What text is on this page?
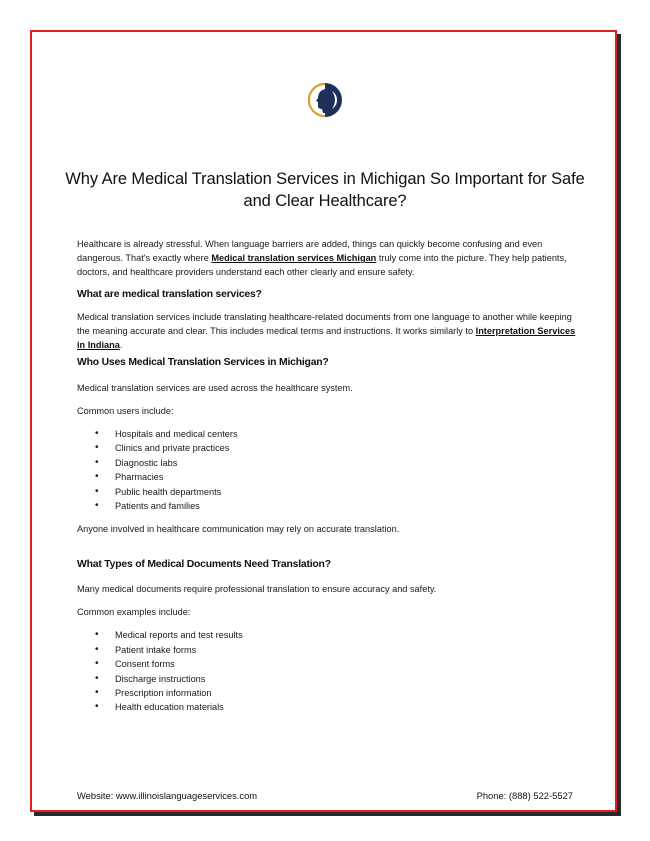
Why Are Medical Translation Services in Michigan So Important for Safe and Clear Healthcare?

Healthcare is already stressful. When language barriers are added, things can quickly become confusing and even dangerous. That's exactly where Medical translation services Michigan truly come into the picture. They help patients, doctors, and healthcare providers understand each other clearly and ensure safety.

What are medical translation services?

Medical translation services include translating healthcare-related documents from one language to another while keeping the meaning accurate and clear. This includes medical terms and instructions. It works similarly to Interpretation Services in Indiana.

Who Uses Medical Translation Services in Michigan?

Medical translation services are used across the healthcare system.

Common users include:

• Hospitals and medical centers
• Clinics and private practices
• Diagnostic labs
• Pharmacies
• Public health departments
• Patients and families

Anyone involved in healthcare communication may rely on accurate translation.

What Types of Medical Documents Need Translation?

Many medical documents require professional translation to ensure accuracy and safety.

Common examples include:

• Medical reports and test results
• Patient intake forms
• Consent forms
• Discharge instructions
• Prescription information
• Health education materials
Website: www.illinoislanguageservices.com	Phone: (888) 522-5527
